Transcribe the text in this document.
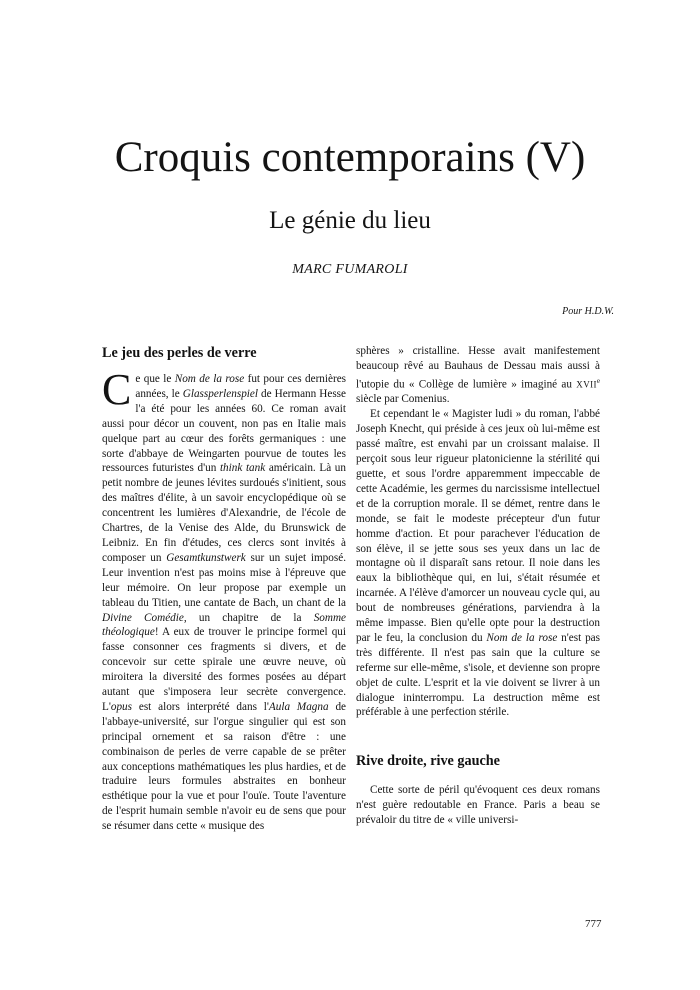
Croquis contemporains (V)
Le génie du lieu
MARC FUMAROLI
Pour H.D.W.
Le jeu des perles de verre

Ce que le Nom de la rose fut pour ces dernières années, le Glassperlenspiel de Hermann Hesse l'a été pour les années 60. Ce roman avait aussi pour décor un couvent, non pas en Italie mais quelque part au cœur des forêts germaniques : une sorte d'abbaye de Weingarten pourvue de toutes les ressources futuristes d'un think tank américain. Là un petit nombre de jeunes lévites surdoués s'initient, sous des maîtres d'élite, à un savoir encyclopédique où se concentrent les lumières d'Alexandrie, de l'école de Chartres, de la Venise des Alde, du Brunswick de Leibniz. En fin d'études, ces clercs sont invités à composer un Gesamtkunstwerk sur un sujet imposé. Leur invention n'est pas moins mise à l'épreuve que leur mémoire. On leur propose par exemple un tableau du Titien, une cantate de Bach, un chant de la Divine Comédie, un chapitre de la Somme théologique! A eux de trouver le principe formel qui fasse consonner ces fragments si divers, et de concevoir sur cette spirale une œuvre neuve, où miroitera la diversité des formes posées au départ autant que s'imposera leur secrète convergence. L'opus est alors interprété dans l'Aula Magna de l'abbaye-université, sur l'orgue singulier qui est son principal ornement et sa raison d'être : une combinaison de perles de verre capable de se prêter aux conceptions mathématiques les plus hardies, et de traduire leurs formules abstraites en bonheur esthétique pour la vue et pour l'ouïe. Toute l'aventure de l'esprit humain semble n'avoir eu de sens que pour se résumer dans cette « musique des

sphères » cristalline. Hesse avait manifestement beaucoup rêvé au Bauhaus de Dessau mais aussi à l'utopie du « Collège de lumière » imaginé au XVIIe siècle par Comenius.

Et cependant le « Magister ludi » du roman, l'abbé Joseph Knecht, qui préside à ces jeux où lui-même est passé maître, est envahi par un croissant malaise. Il perçoit sous leur rigueur platonicienne la stérilité qui guette, et sous l'ordre apparemment impeccable de cette Académie, les germes du narcissisme intellectuel et de la corruption morale. Il se démet, rentre dans le monde, se fait le modeste précepteur d'un futur homme d'action. Et pour parachever l'éducation de son élève, il se jette sous ses yeux dans un lac de montagne où il disparaît sans retour. Il noie dans les eaux la bibliothèque qui, en lui, s'était résumée et incarnée. A l'élève d'amorcer un nouveau cycle qui, au bout de nombreuses générations, parviendra à la même impasse. Bien qu'elle opte pour la destruction par le feu, la conclusion du Nom de la rose n'est pas très différente. Il n'est pas sain que la culture se referme sur elle-même, s'isole, et devienne son propre objet de culte. L'esprit et la vie doivent se livrer à un dialogue ininterrompu. La destruction même est préférable à une perfection stérile.

Rive droite, rive gauche

Cette sorte de péril qu'évoquent ces deux romans n'est guère redoutable en France. Paris a beau se prévaloir du titre de « ville universi-

777
